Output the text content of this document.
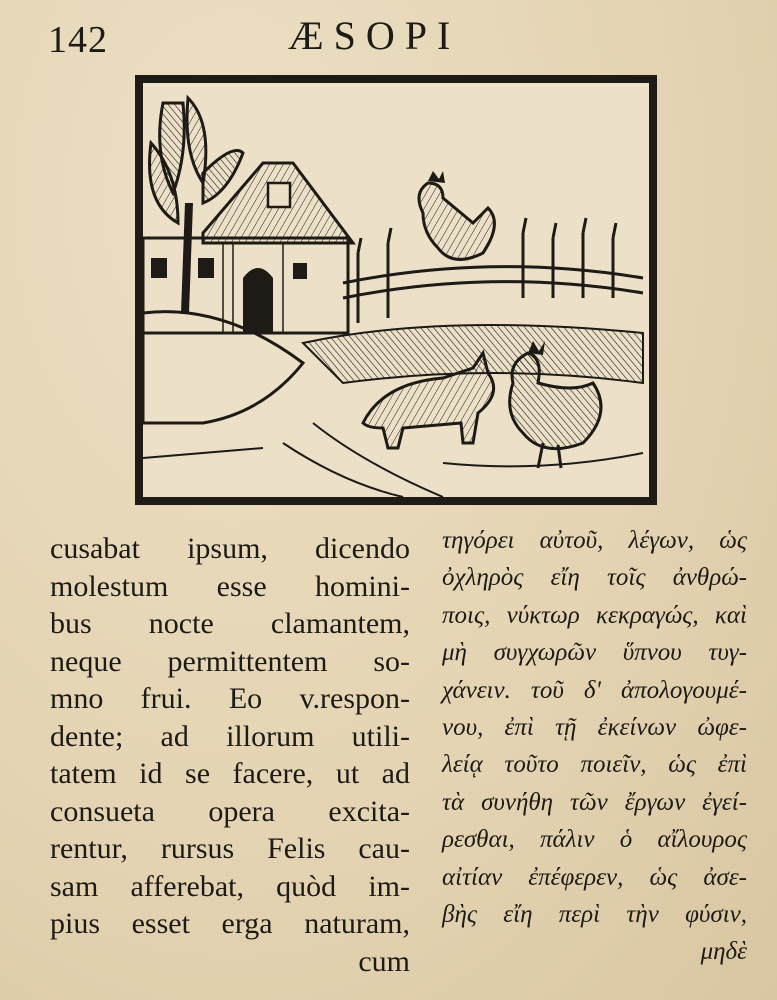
142	ÆSOPI
cusabat ipsum, dicendo
molestum esse homini-
bus nocte clamantem,
neque permittentem so-
mno frui. Eo v.respon-
dente; ad illorum utili-
tatem id se facere, ut ad
consueta opera excita-
rentur, rursus Felis cau-
sam afferebat, quòd im-
pius esset erga naturam,
cum
τηγόρει αὐτοῦ, λέγων, ὡς
ὀχληρὸς εἴη τοῖς ἀνθρώ-
ποις, νύκτωρ κεκραγώς, καὶ
μὴ συγχωρῶν ὕπνου τυγ-
χάνειν. τοῦ δ' ἀπολογουμέ-
νου, ἐπὶ τῇ ἐκείνων ὠφε-
λείᾳ τοῦτο ποιεῖν, ὡς ἐπὶ
τὰ συνήθη τῶν ἔργων ἐγεί-
ρεσθαι, πάλιν ὁ αἴλουρος
αἰτίαν ἐπέφερεν, ὡς ἀσε-
βὴς εἴη περὶ τὴν φύσιν,
μηδὲ
